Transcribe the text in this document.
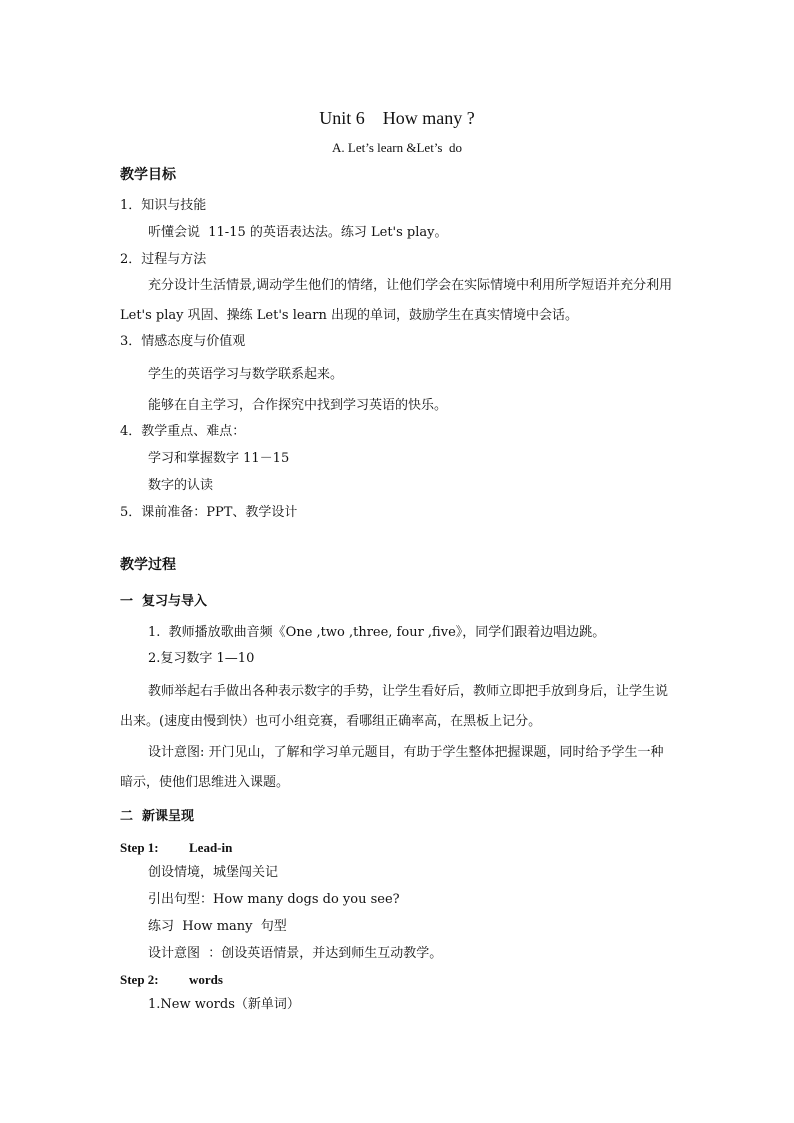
Unit 6    How many ?
A. Let’s learn &Let’s  do
教学目标
1．知识与技能
听懂会说  11-15 的英语表达法。练习 Let's play。
2．过程与方法
充分设计生活情景,调动学生他们的情绪，让他们学会在实际情境中利用所学短语并充分利用 Let's play 巩固、操练 Let's learn 出现的单词，鼓励学生在真实情境中会话。
3．情感态度与价值观
学生的英语学习与数学联系起来。
能够在自主学习，合作探究中找到学习英语的快乐。
4．教学重点、难点：
学习和掌握数字 11－15
数字的认读
5．课前准备：PPT、教学设计
教学过程
一  复习与导入
1.  教师播放歌曲音频《One ,two ,three, four ,five》，同学们跟着边唱边跳。
2.复习数字 1—10
教师举起右手做出各种表示数字的手势，让学生看好后，教师立即把手放到身后，让学生说出来。(速度由慢到快）也可小组竞赛，看哪组正确率高，在黑板上记分。
设计意图: 开门见山，了解和学习单元题目，有助于学生整体把握课题，同时给予学生一种暗示，使他们思维进入课题。
二  新课呈现
Step 1: Lead-in
创设情境，城堡闯关记
引出句型：How many dogs do you see?
练习  How many  句型
设计意图  ：创设英语情景，并达到师生互动教学。
Step 2: words
1.New words（新单词）
